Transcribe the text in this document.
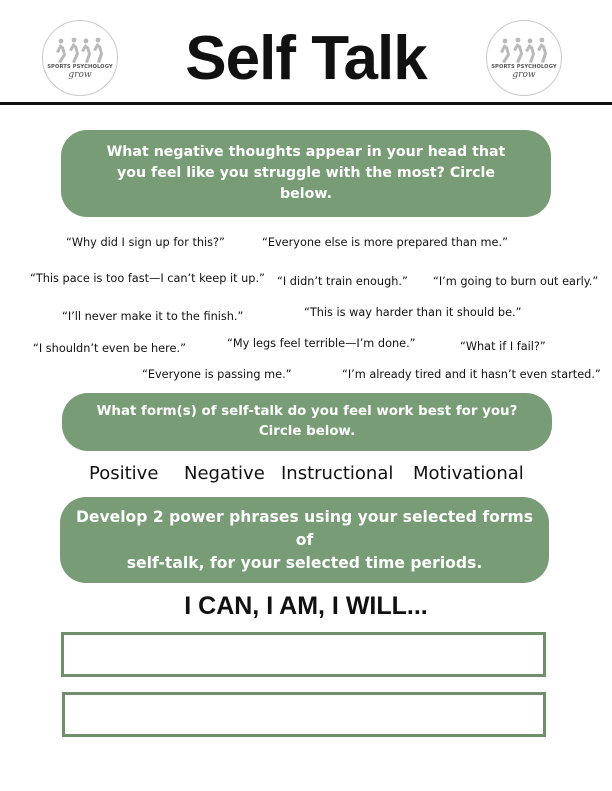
SPORTS PSYCHOLOGY
grow
SPORTS PSYCHOLOGY
grow
Self Talk
What negative thoughts appear in your head that
you feel like you struggle with the most? Circle
below.
“Why did I sign up for this?”	“Everyone else is more prepared than me.”
“This pace is too fast—I can’t keep it up.” “I didn’t train enough.” “I’m going to burn out early.”
“I’ll never make it to the finish.”	“This is way harder than it should be.”
“I shouldn’t even be here.”	“My legs feel terrible—I’m done.”	“What if I fail?”
“Everyone is passing me.”	“I’m already tired and it hasn’t even started.”
What form(s) of self-talk do you feel work best for you?
Circle below.
Positive Negative Instructional Motivational
Develop 2 power phrases using your selected forms of
self-talk, for your selected time periods.
I CAN, I AM, I WILL...
